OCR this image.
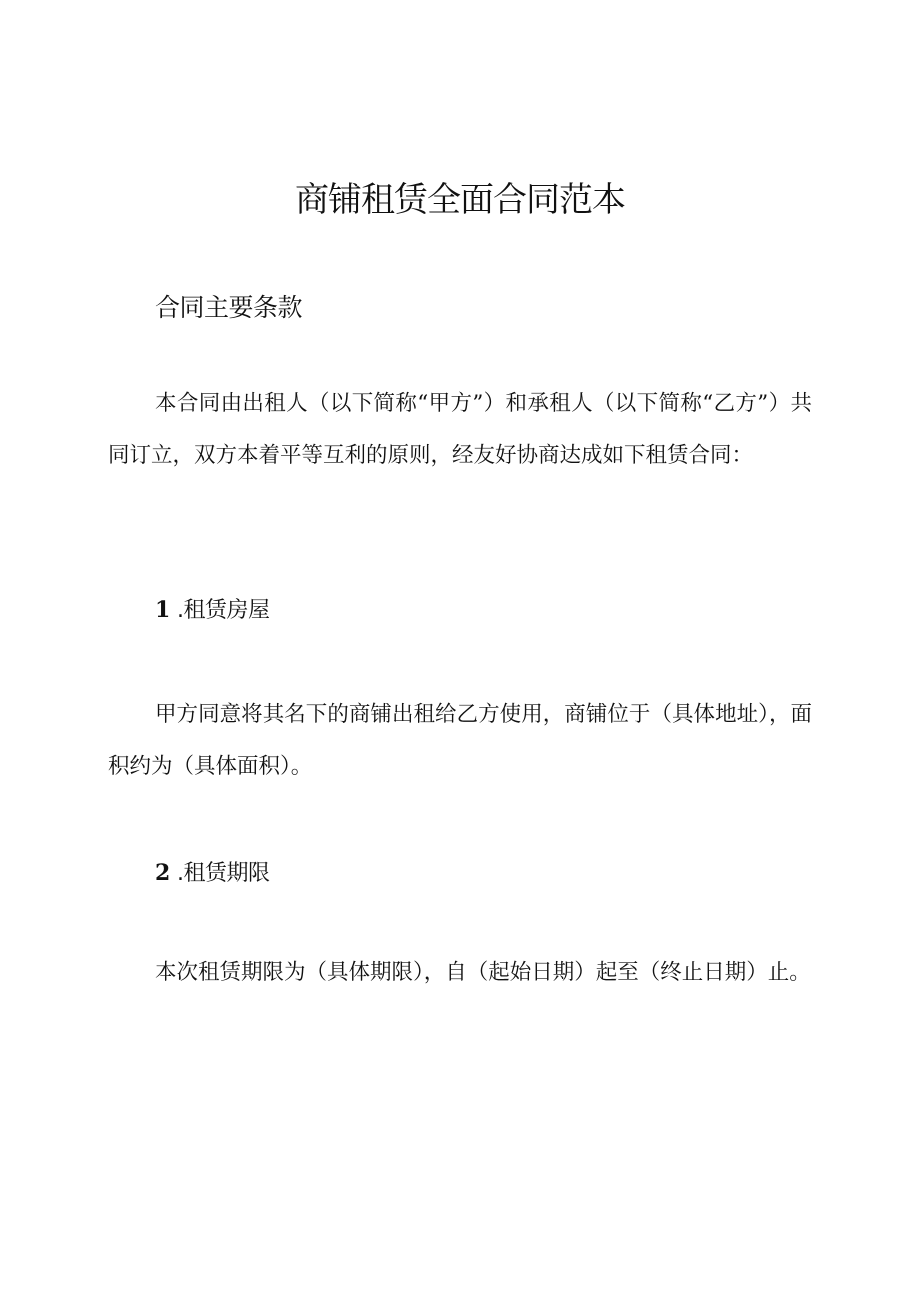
商铺租赁全面合同范本
合同主要条款

本合同由出租人（以下简称“甲方”）和承租人（以下简称“乙方”）共同订立，双方本着平等互利的原则，经友好协商达成如下租赁合同：

1 .租赁房屋

甲方同意将其名下的商铺出租给乙方使用，商铺位于（具体地址），面积约为（具体面积）。

2 .租赁期限

本次租赁期限为（具体期限），自（起始日期）起至（终止日期）止。
